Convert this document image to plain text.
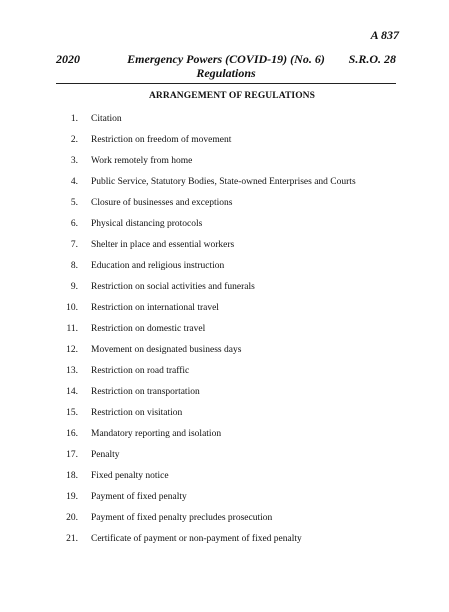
A 837
2020	Emergency Powers (COVID-19) (No. 6)
Regulations
S.R.O. 28
ARRANGEMENT OF REGULATIONS
1. Citation
2. Restriction on freedom of movement
3. Work remotely from home
4. Public Service, Statutory Bodies, State-owned Enterprises and Courts
5. Closure of businesses and exceptions
6. Physical distancing protocols
7. Shelter in place and essential workers
8. Education and religious instruction
9. Restriction on social activities and funerals
10. Restriction on international travel
11. Restriction on domestic travel
12. Movement on designated business days
13. Restriction on road traffic
14. Restriction on transportation
15. Restriction on visitation
16. Mandatory reporting and isolation
17. Penalty
18. Fixed penalty notice
19. Payment of fixed penalty
20. Payment of fixed penalty precludes prosecution
21. Certificate of payment or non-payment of fixed penalty
